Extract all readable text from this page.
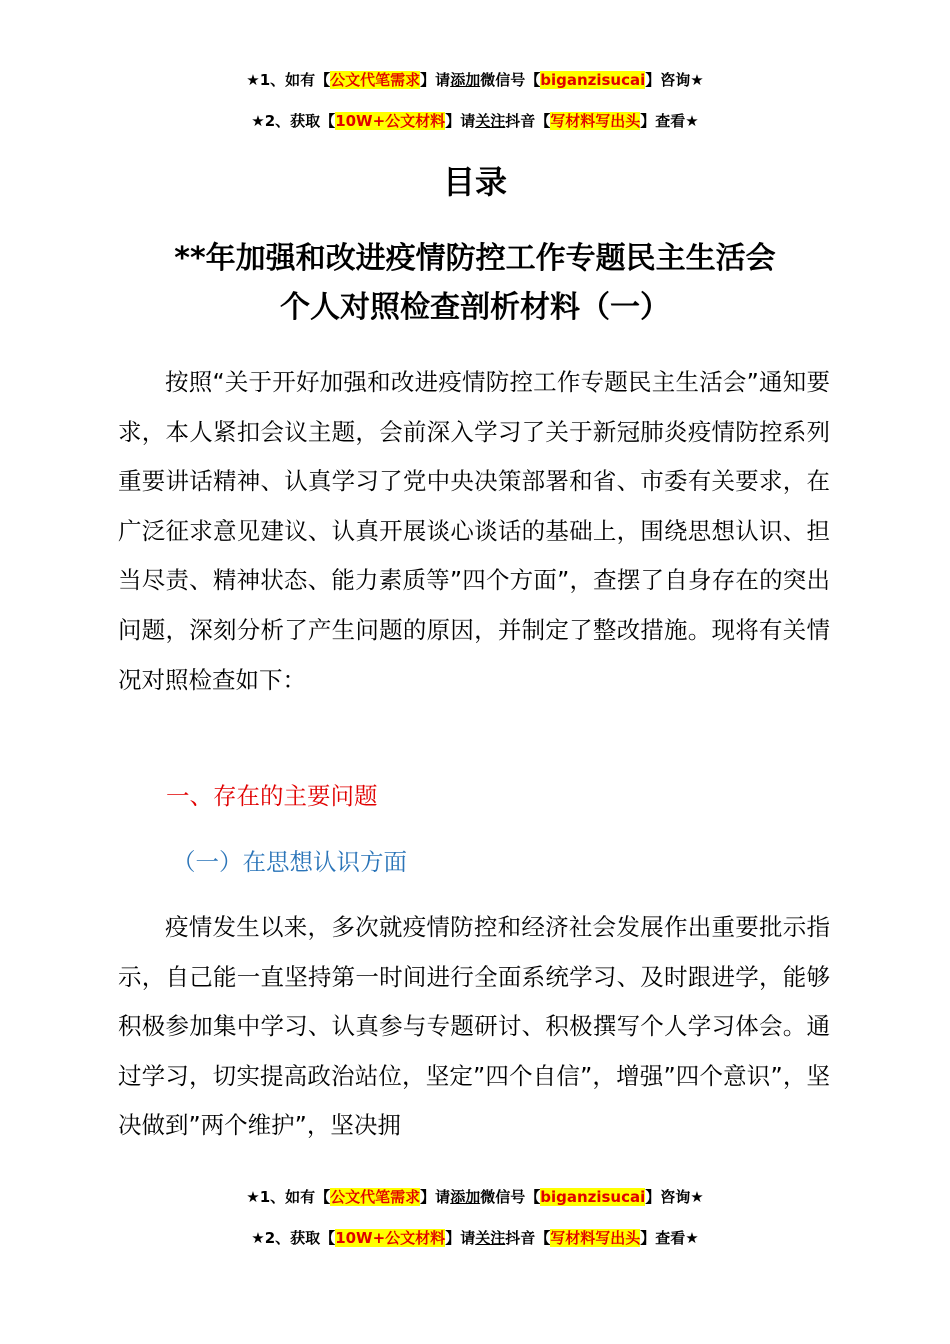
★1、如有【公文代笔需求】请添加微信号【biganzisucai】咨询★
★2、获取【10W+公文材料】请关注抖音【写材料写出头】查看★
目录
**年加强和改进疫情防控工作专题民主生活会
个人对照检查剖析材料（一）

按照“关于开好加强和改进疫情防控工作专题民主生活会”通知要求，本人紧扣会议主题，会前深入学习了关于新冠肺炎疫情防控系列重要讲话精神、认真学习了党中央决策部署和省、市委有关要求，在广泛征求意见建议、认真开展谈心谈话的基础上，围绕思想认识、担当尽责、精神状态、能力素质等”四个方面”，查摆了自身存在的突出问题，深刻分析了产生问题的原因，并制定了整改措施。现将有关情况对照检查如下：

一、存在的主要问题
（一）在思想认识方面

疫情发生以来，多次就疫情防控和经济社会发展作出重要批示指示，自己能一直坚持第一时间进行全面系统学习、及时跟进学，能够积极参加集中学习、认真参与专题研讨、积极撰写个人学习体会。通过学习，切实提高政治站位，坚定”四个自信”，增强”四个意识”，坚决做到”两个维护”，坚决拥

★1、如有【公文代笔需求】请添加微信号【biganzisucai】咨询★
★2、获取【10W+公文材料】请关注抖音【写材料写出头】查看★
